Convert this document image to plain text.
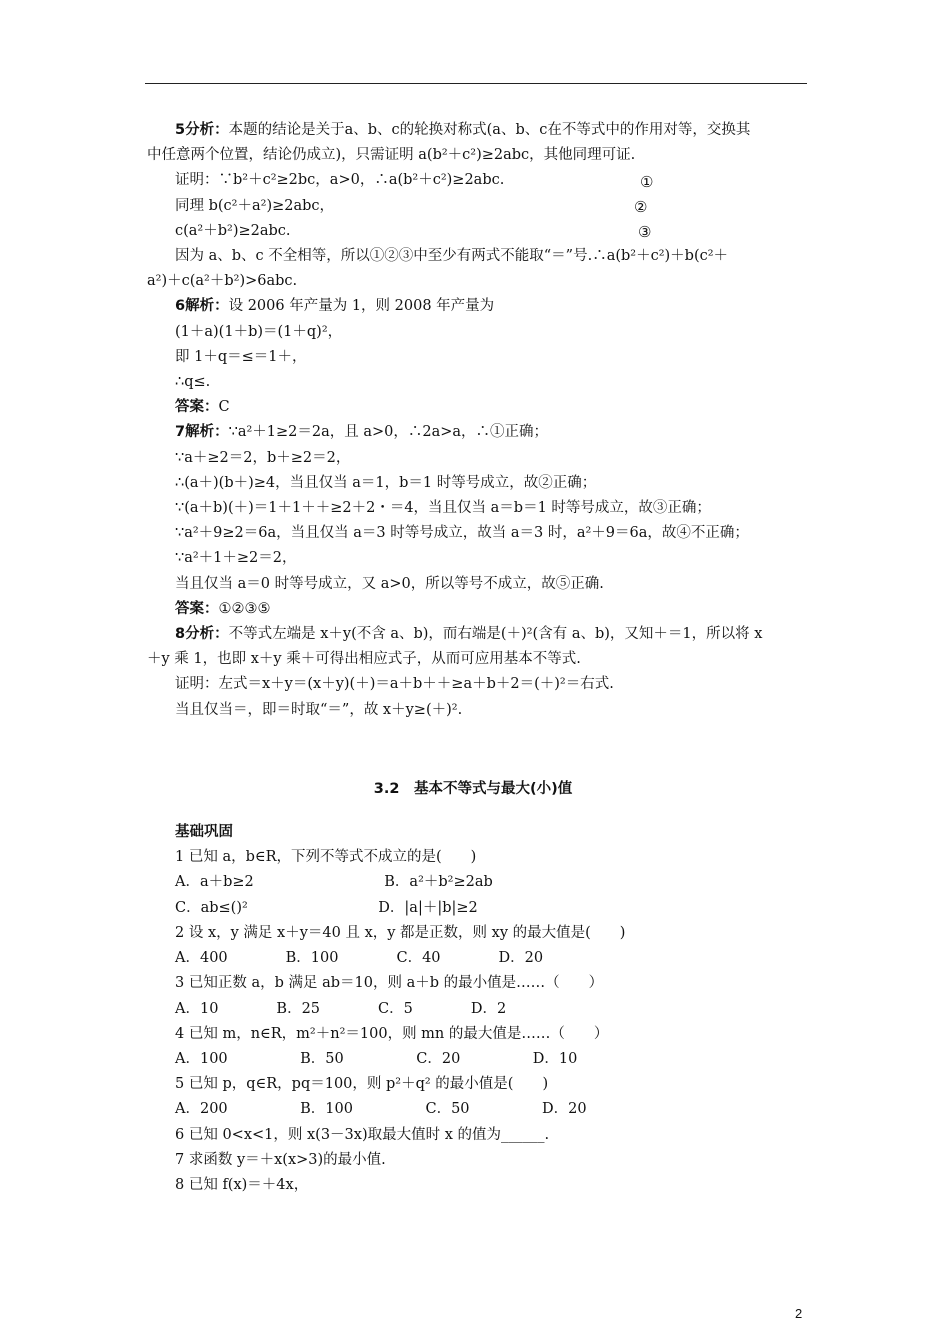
5分析：本题的结论是关于a、b、c的轮换对称式(a、b、c在不等式中的作用对等，交换其
中任意两个位置，结论仍成立)，只需证明 a(b²＋c²)≥2abc，其他同理可证.
证明：∵b²＋c²≥2bc，a>0，∴a(b²＋c²)≥2abc.
同理 b(c²＋a²)≥2abc，
c(a²＋b²)≥2abc.
因为 a、b、c 不全相等，所以①②③中至少有两式不能取“＝”号.∴a(b²＋c²)＋b(c²＋
a²)＋c(a²＋b²)>6abc.
6解析：设 2006 年产量为 1，则 2008 年产量为
(1＋a)(1＋b)＝(1＋q)²，
即 1＋q＝≤＝1＋，
∴q≤.
答案：C
7解析：∵a²＋1≥2＝2a，且 a>0，∴2a>a，∴①正确；
∵a＋≥2＝2，b＋≥2＝2，
∴(a＋)(b＋)≥4，当且仅当 a＝1，b＝1 时等号成立，故②正确；
∵(a＋b)(＋)＝1＋1＋＋≥2＋2・＝4，当且仅当 a＝b＝1 时等号成立，故③正确；
∵a²＋9≥2＝6a，当且仅当 a＝3 时等号成立，故当 a＝3 时，a²＋9＝6a，故④不正确；
∵a²＋1＋≥2＝2，
当且仅当 a＝0 时等号成立，又 a>0，所以等号不成立，故⑤正确.
答案：①②③⑤
8分析：不等式左端是 x＋y(不含 a、b)，而右端是(＋)²(含有 a、b)，又知＋＝1，所以将 x
＋y 乘 1，也即 x＋y 乘＋可得出相应式子，从而可应用基本不等式.
证明：左式＝x＋y＝(x＋y)(＋)＝a＋b＋＋≥a＋b＋2＝(＋)²＝右式.
当且仅当＝，即＝时取“＝”，故 x＋y≥(＋)².
3.2　基本不等式与最大(小)值
基础巩固
1 已知 a，b∈R，下列不等式不成立的是(　　)
A．a＋b≥2　　　　　　　　　B．a²＋b²≥2ab
C．ab≤()²　　　　　　　　　D．|a|＋|b|≥2
2 设 x，y 满足 x＋y＝40 且 x，y 都是正数，则 xy 的最大值是(　　)
A．400　　　　B．100　　　　C．40　　　　D．20
3 已知正数 a，b 满足 ab＝10，则 a＋b 的最小值是……（　　）
A．10　　　　B．25　　　　C．5　　　　D．2
4 已知 m，n∈R，m²＋n²＝100，则 mn 的最大值是……（　　）
A．100　　　　　B．50　　　　　C．20　　　　　D．10
5 已知 p，q∈R，pq＝100，则 p²＋q² 的最小值是(　　)
A．200　　　　　B．100　　　　　C．50　　　　　D．20
6 已知 0<x<1，则 x(3－3x)取最大值时 x 的值为______.
7 求函数 y＝＋x(x>3)的最小值.
8 已知 f(x)＝＋4x，
①
②
③
2
